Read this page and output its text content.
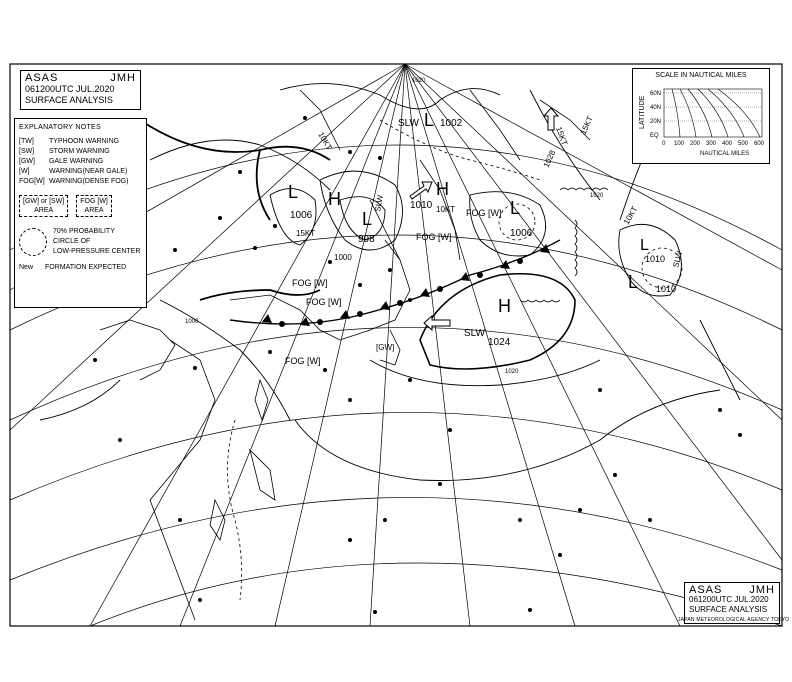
H
1010
H
1024
H
1000
L
1006	L
998
L
1006
L
1010
L 1002
L
1010
1020
1020
1000
1028
1020
SLW
SLW
SLW
SLW
FOG [W]
FOG [W]
FOG [W]
FOG [W]
FOG [W]
[GW]
10KT
15KT
15KT
10KT
15KT
10KT
ASAS	JMH
061200UTC JUL.2020
SURFACE ANALYSIS
EXPLANATORY NOTES
[TW]	TYPHOON WARNING
[SW]	STORM WARNING
[GW]	GALE WARNING
[W]	WARNING(NEAR GALE)
FOG[W] WARNING(DENSE FOG)
[GW] or [SW]
AREA
FOG [W]
AREA
70% PROBABILITY
CIRCLE OF
LOW-PRESSURE CENTER
New FORMATION EXPECTED
SCALE IN NAUTICAL MILES
LATITUDE
60N
40N
20N
EQ
0 100 200 300 400 500 600
NAUTICAL MILES
ASAS JMH
061200UTC JUL.2020
SURFACE ANALYSIS
JAPAN METEOROLOGICAL AGENCY TOKYO
